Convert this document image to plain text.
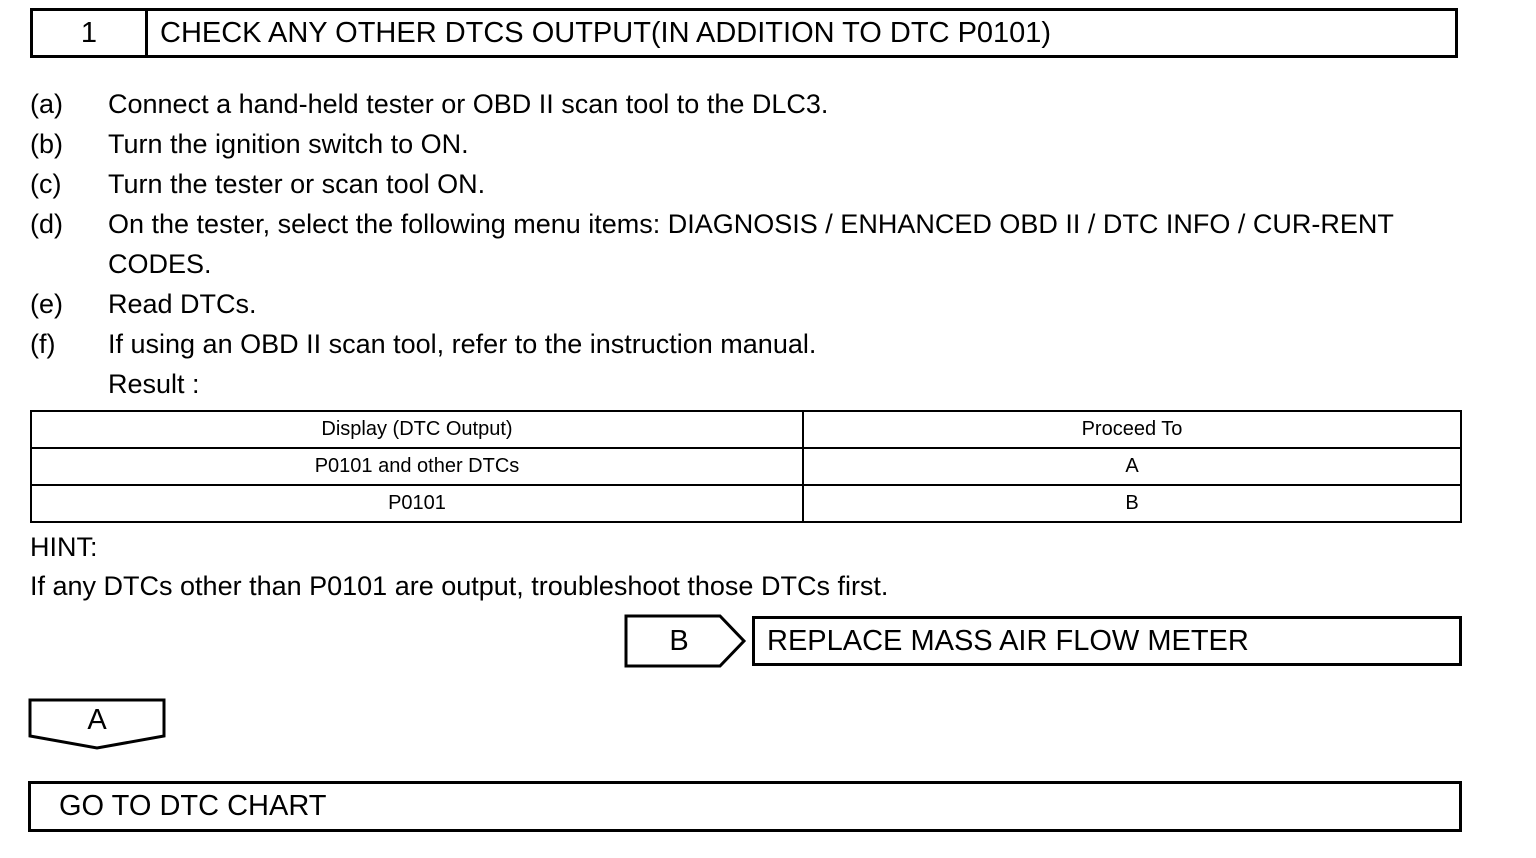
1	CHECK ANY OTHER DTCS OUTPUT(IN ADDITION TO DTC P0101)
(a)	Connect a hand-held tester or OBD II scan tool to the DLC3.
(b)	Turn the ignition switch to ON.
(c)	Turn the tester or scan tool ON.
(d)	On the tester, select the following menu items: DIAGNOSIS / ENHANCED OBD II / DTC INFO / CUR-RENT CODES.
(e)	Read DTCs.
(f)	If using an OBD II scan tool, refer to the instruction manual.
Result :
Display (DTC Output)	Proceed To
P0101 and other DTCs	A
P0101	B
HINT:
If any DTCs other than P0101 are output, troubleshoot those DTCs first.
B	REPLACE MASS AIR FLOW METER
A
GO TO DTC CHART
